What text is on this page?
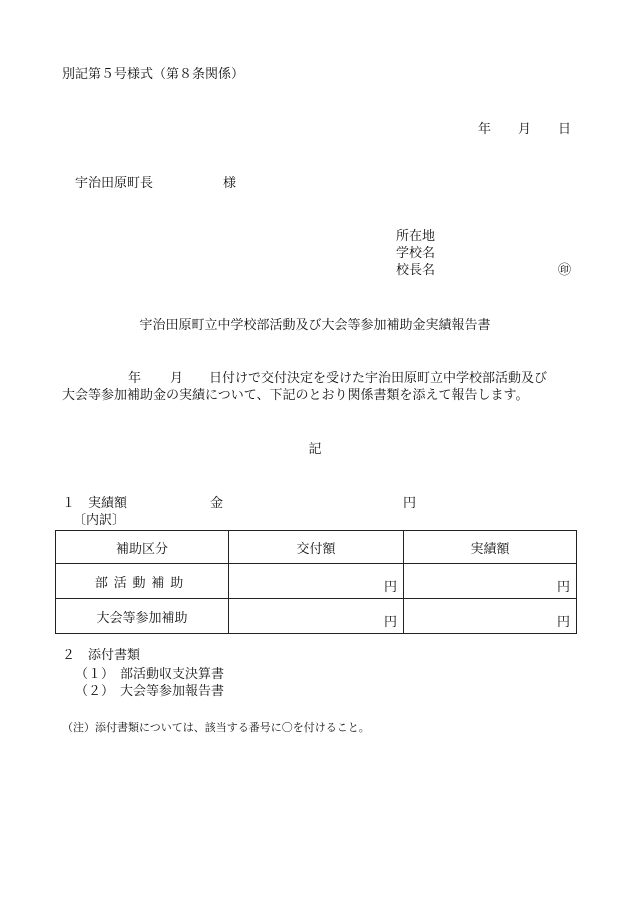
別記第５号様式（第８条関係）
年 月 日
宇治田原町長	様
所在地
学校名
校長名	㊞
宇治田原町立中学校部活動及び大会等参加補助金実績報告書
年 月 日付けで交付決定を受けた宇治田原町立中学校部活動及び
大会等参加補助金の実績について、下記のとおり関係書類を添えて報告します。
記
１　実績額	金	円
〔内訳〕
補助区分	交付額	実績額
部活動補助	円	円
大会等参加補助	円	円
２　添付書類
（１） 部活動収支決算書
（２） 大会等参加報告書
（注）添付書類については、該当する番号に〇を付けること。
